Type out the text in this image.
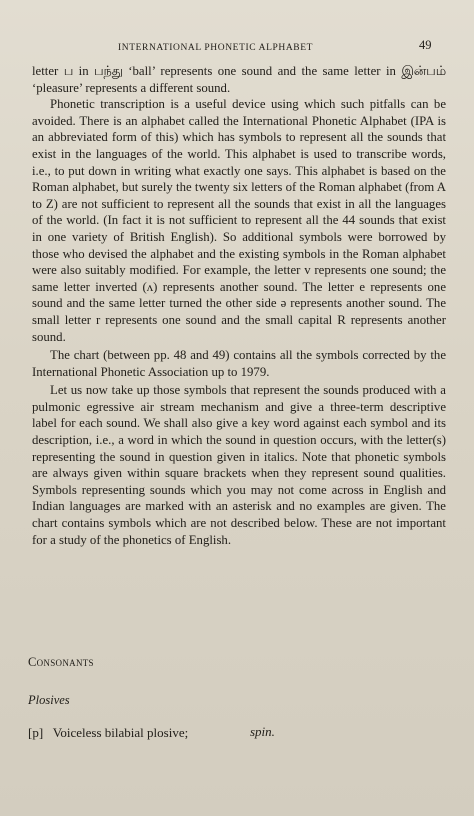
INTERNATIONAL PHONETIC ALPHABET	49

letter ப in பந்து ‘ball’ represents one sound and the same letter in இன்பம் ‘pleasure’ represents a different sound.

Phonetic transcription is a useful device using which such pitfalls can be avoided. There is an alphabet called the International Phonetic Alphabet (IPA is an abbreviated form of this) which has symbols to represent all the sounds that exist in the languages of the world. This alphabet is used to transcribe words, i.e., to put down in writing what exactly one says. This alphabet is based on the Roman alphabet, but surely the twenty six letters of the Roman alphabet (from A to Z) are not sufficient to represent all the sounds that exist in all the languages of the world. (In fact it is not sufficient to represent all the 44 sounds that exist in one variety of British English). So additional symbols were borrowed by those who devised the alphabet and the existing symbols in the Roman alphabet were also suitably modified. For example, the letter v represents one sound; the same letter inverted (ʌ) represents another sound. The letter e represents one sound and the same letter turned the other side ə represents another sound. The small letter r represents one sound and the small capital R represents another sound.

The chart (between pp. 48 and 49) contains all the symbols corrected by the International Phonetic Association up to 1979.

Let us now take up those symbols that represent the sounds produced with a pulmonic egressive air stream mechanism and give a three-term descriptive label for each sound. We shall also give a key word against each symbol and its description, i.e., a word in which the sound in question occurs, with the letter(s) representing the sound in question given in italics. Note that phonetic symbols are always given within square brackets when they represent sound qualities. Symbols representing sounds which you may not come across in English and Indian languages are marked with an asterisk and no examples are given. The chart contains symbols which are not described below. These are not important for a study of the phonetics of English.

Consonants
Plosives
[p] Voiceless bilabial plosive;	spin.
